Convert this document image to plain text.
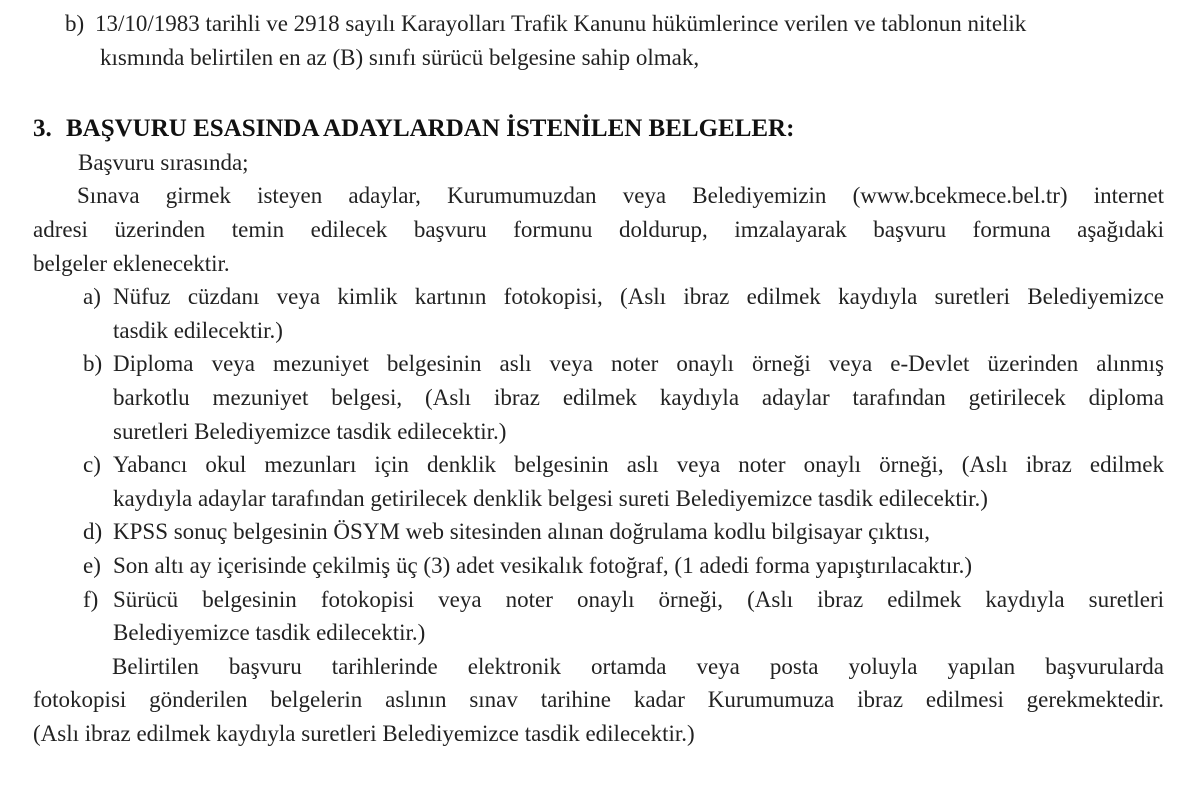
b) 13/10/1983 tarihli ve 2918 sayılı Karayolları Trafik Kanunu hükümlerince verilen ve tablonun nitelik
kısmında belirtilen en az (B) sınıfı sürücü belgesine sahip olmak,
3. BAŞVURU ESASINDA ADAYLARDAN İSTENİLEN BELGELER:
Başvuru sırasında;
Sınava girmek isteyen adaylar, Kurumumuzdan veya Belediyemizin (www.bcekmece.bel.tr) internet
adresi üzerinden temin edilecek başvuru formunu doldurup, imzalayarak başvuru formuna aşağıdaki
belgeler eklenecektir.
a) Nüfuz cüzdanı veya kimlik kartının fotokopisi, (Aslı ibraz edilmek kaydıyla suretleri Belediyemizce
tasdik edilecektir.)
b) Diploma veya mezuniyet belgesinin aslı veya noter onaylı örneği veya e-Devlet üzerinden alınmış
barkotlu mezuniyet belgesi, (Aslı ibraz edilmek kaydıyla adaylar tarafından getirilecek diploma
suretleri Belediyemizce tasdik edilecektir.)
c) Yabancı okul mezunları için denklik belgesinin aslı veya noter onaylı örneği, (Aslı ibraz edilmek
kaydıyla adaylar tarafından getirilecek denklik belgesi sureti Belediyemizce tasdik edilecektir.)
d) KPSS sonuç belgesinin ÖSYM web sitesinden alınan doğrulama kodlu bilgisayar çıktısı,
e) Son altı ay içerisinde çekilmiş üç (3) adet vesikalık fotoğraf, (1 adedi forma yapıştırılacaktır.)
f) Sürücü belgesinin fotokopisi veya noter onaylı örneği, (Aslı ibraz edilmek kaydıyla suretleri
Belediyemizce tasdik edilecektir.)
Belirtilen başvuru tarihlerinde elektronik ortamda veya posta yoluyla yapılan başvurularda
fotokopisi gönderilen belgelerin aslının sınav tarihine kadar Kurumumuza ibraz edilmesi gerekmektedir.
(Aslı ibraz edilmek kaydıyla suretleri Belediyemizce tasdik edilecektir.)
